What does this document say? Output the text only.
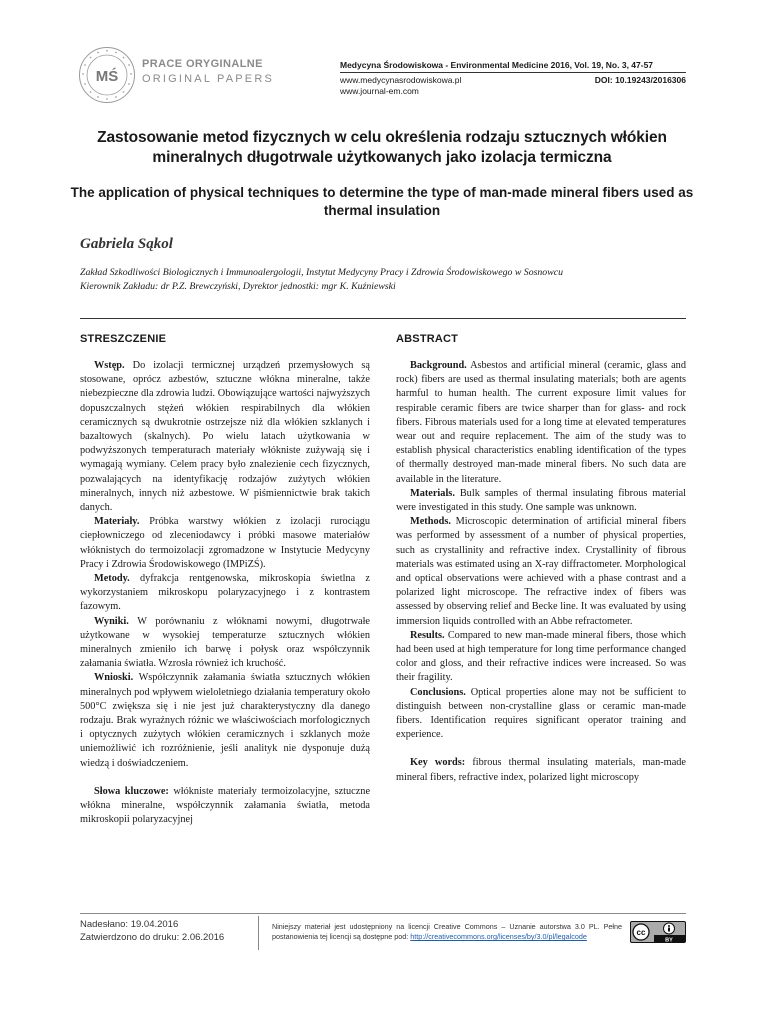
MŚ
PRACE ORYGINALNE
ORIGINAL PAPERS
Medycyna Środowiskowa - Environmental Medicine 2016, Vol. 19, No. 3, 47-57
www.medycynasrodowiskowa.pl	DOI: 10.19243/2016306
www.journal-em.com
Zastosowanie metod fizycznych w celu określenia rodzaju sztucznych włókien mineralnych długotrwale użytkowanych jako izolacja termiczna
The application of physical techniques to determine the type of man-made mineral fibers used as thermal insulation
Gabriela Sąkol
Zakład Szkodliwości Biologicznych i Immunoalergologii, Instytut Medycyny Pracy i Zdrowia Środowiskowego w Sosnowcu
Kierownik Zakładu: dr P.Z. Brewczyński, Dyrektor jednostki: mgr K. Kuźniewski
STRESZCZENIE

Wstęp. Do izolacji termicznej urządzeń przemysłowych są stosowane, oprócz azbestów, sztuczne włókna mineralne, także niebezpieczne dla zdrowia ludzi. Obowiązujące wartości najwyższych dopuszczalnych stężeń włókien respirabilnych dla włókien ceramicznych są dwukrotnie ostrzejsze niż dla włókien szklanych i bazaltowych (skalnych). Po wielu latach użytkowania w podwyższonych temperaturach materiały włókniste zużywają się i wymagają wymiany. Celem pracy było znalezienie cech fizycznych, pozwalających na identyfikację rodzajów zużytych włókien mineralnych, innych niż azbestowe. W piśmiennictwie brak takich danych.

Materiały. Próbka warstwy włókien z izolacji rurociągu ciepłowniczego od zleceniodawcy i próbki masowe materiałów włóknistych do termoizolacji zgromadzone w Instytucie Medycyny Pracy i Zdrowia Środowiskowego (IMPiZŚ).

Metody. dyfrakcja rentgenowska, mikroskopia świetlna z wykorzystaniem mikroskopu polaryzacyjnego i z kontrastem fazowym.

Wyniki. W porównaniu z włóknami nowymi, długotrwałe użytkowane w wysokiej temperaturze sztucznych włókien mineralnych zmieniło ich barwę i połysk oraz współczynnik załamania światła. Wzrosła również ich kruchość.

Wnioski. Współczynnik załamania światła sztucznych włókien mineralnych pod wpływem wieloletniego działania temperatury około 500°C zwiększa się i nie jest już charakterystyczny dla danego rodzaju. Brak wyraźnych różnic we właściwościach morfologicznych i optycznych zużytych włókien ceramicznych i szklanych może uniemożliwić ich rozróżnienie, jeśli analityk nie dysponuje dużą wiedzą i doświadczeniem.

Słowa kluczowe: włókniste materiały termoizolacyjne, sztuczne włókna mineralne, współczynnik załamania światła, metoda mikroskopii polaryzacyjnej

ABSTRACT

Background. Asbestos and artificial mineral (ceramic, glass and rock) fibers are used as thermal insulating materials; both are agents harmful to human health. The current exposure limit values for respirable ceramic fibers are twice sharper than for glass- and rock fibers. Fibrous materials used for a long time at elevated temperatures wear out and require replacement. The aim of the study was to establish physical characteristics enabling identification of the types of thermally destroyed man-made mineral fibers. No such data are available in the literature.

Materials. Bulk samples of thermal insulating fibrous material were investigated in this study. One sample was unknown.

Methods. Microscopic determination of artificial mineral fibers was performed by assessment of a number of physical properties, such as crystallinity and refractive index. Crystallinity of fibrous materials was estimated using an X-ray diffractometer. Morphological and optical observations were achieved with a phase contrast and a polarized light microscope. The refractive index of fibers was assessed by observing relief and Becke line. It was evaluated by using immersion liquids controlled with an Abbe refractometer.

Results. Compared to new man-made mineral fibers, those which had been used at high temperature for long time performance changed color and gloss, and their refractive indices were increased. So was their fragility.

Conclusions. Optical properties alone may not be sufficient to distinguish between non-crystalline glass or ceramic man-made fibers. Identification requires significant operator training and experience.

Key words: fibrous thermal insulating materials, man-made mineral fibers, refractive index, polarized light microscopy

Nadesłano: 19.04.2016
Zatwierdzono do druku: 2.06.2016
Niniejszy materiał jest udostępniony na licencji Creative Commons – Uznanie autorstwa 3.0 PL. Pełne postanowienia tej licencji są dostępne pod: http://creativecommons.org/licenses/by/3.0/pl/legalcode	cc
BY
